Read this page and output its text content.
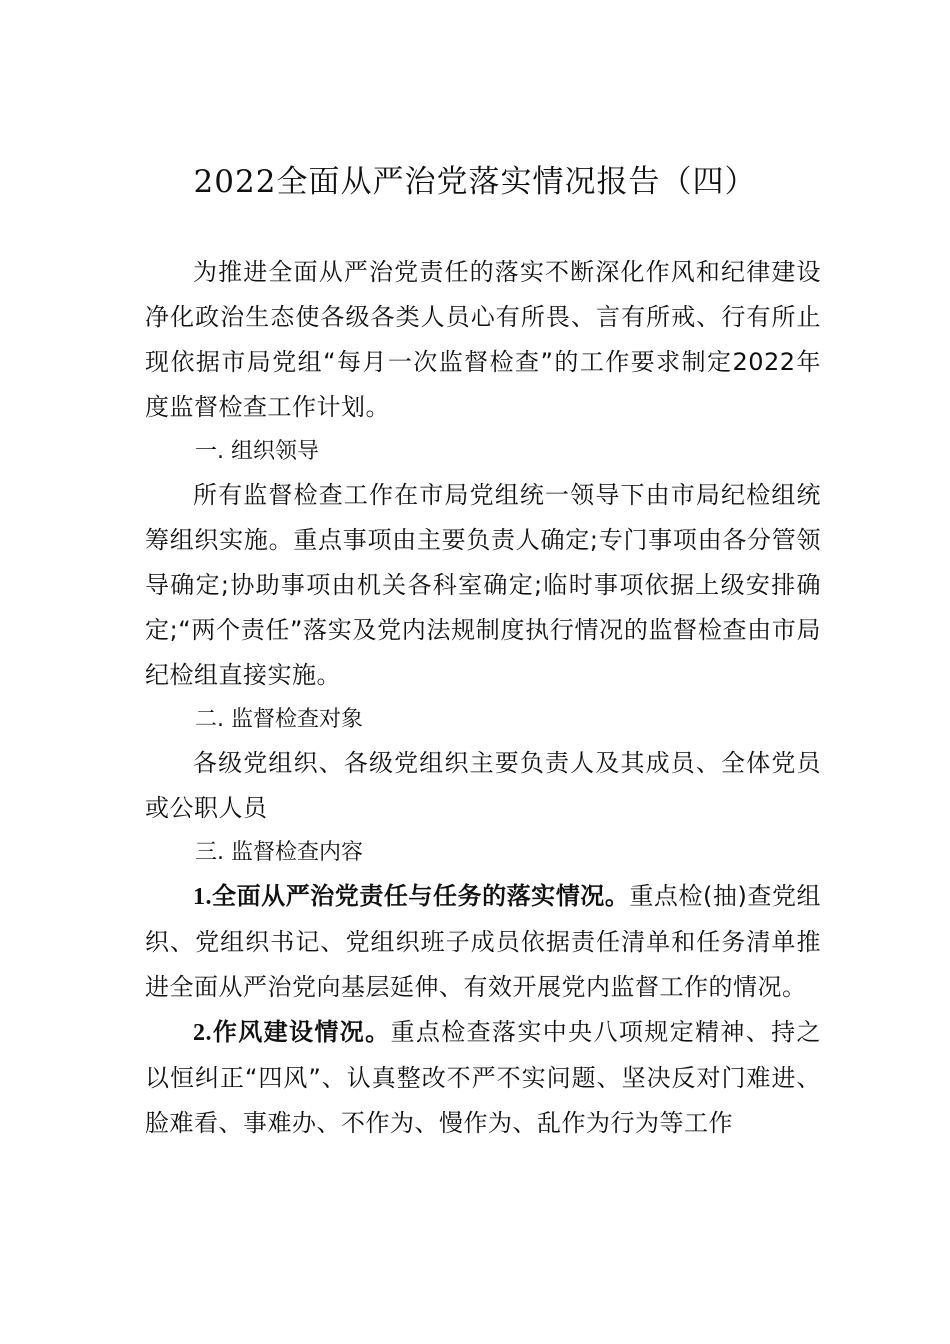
2022全面从严治党落实情况报告（四）

为推进全面从严治党责任的落实不断深化作风和纪律建设净化政治生态使各级各类人员心有所畏、言有所戒、行有所止现依据市局党组“每月一次监督检查”的工作要求制定2022年度监督检查工作计划。

一. 组织领导

所有监督检查工作在市局党组统一领导下由市局纪检组统筹组织实施。重点事项由主要负责人确定;专门事项由各分管领导确定;协助事项由机关各科室确定;临时事项依据上级安排确定;“两个责任”落实及党内法规制度执行情况的监督检查由市局纪检组直接实施。

二. 监督检查对象

各级党组织、各级党组织主要负责人及其成员、全体党员或公职人员

三. 监督检查内容

1.全面从严治党责任与任务的落实情况。重点检(抽)查党组织、党组织书记、党组织班子成员依据责任清单和任务清单推进全面从严治党向基层延伸、有效开展党内监督工作的情况。

2.作风建设情况。重点检查落实中央八项规定精神、持之以恒纠正“四风”、认真整改不严不实问题、坚决反对门难进、脸难看、事难办、不作为、慢作为、乱作为行为等工作
